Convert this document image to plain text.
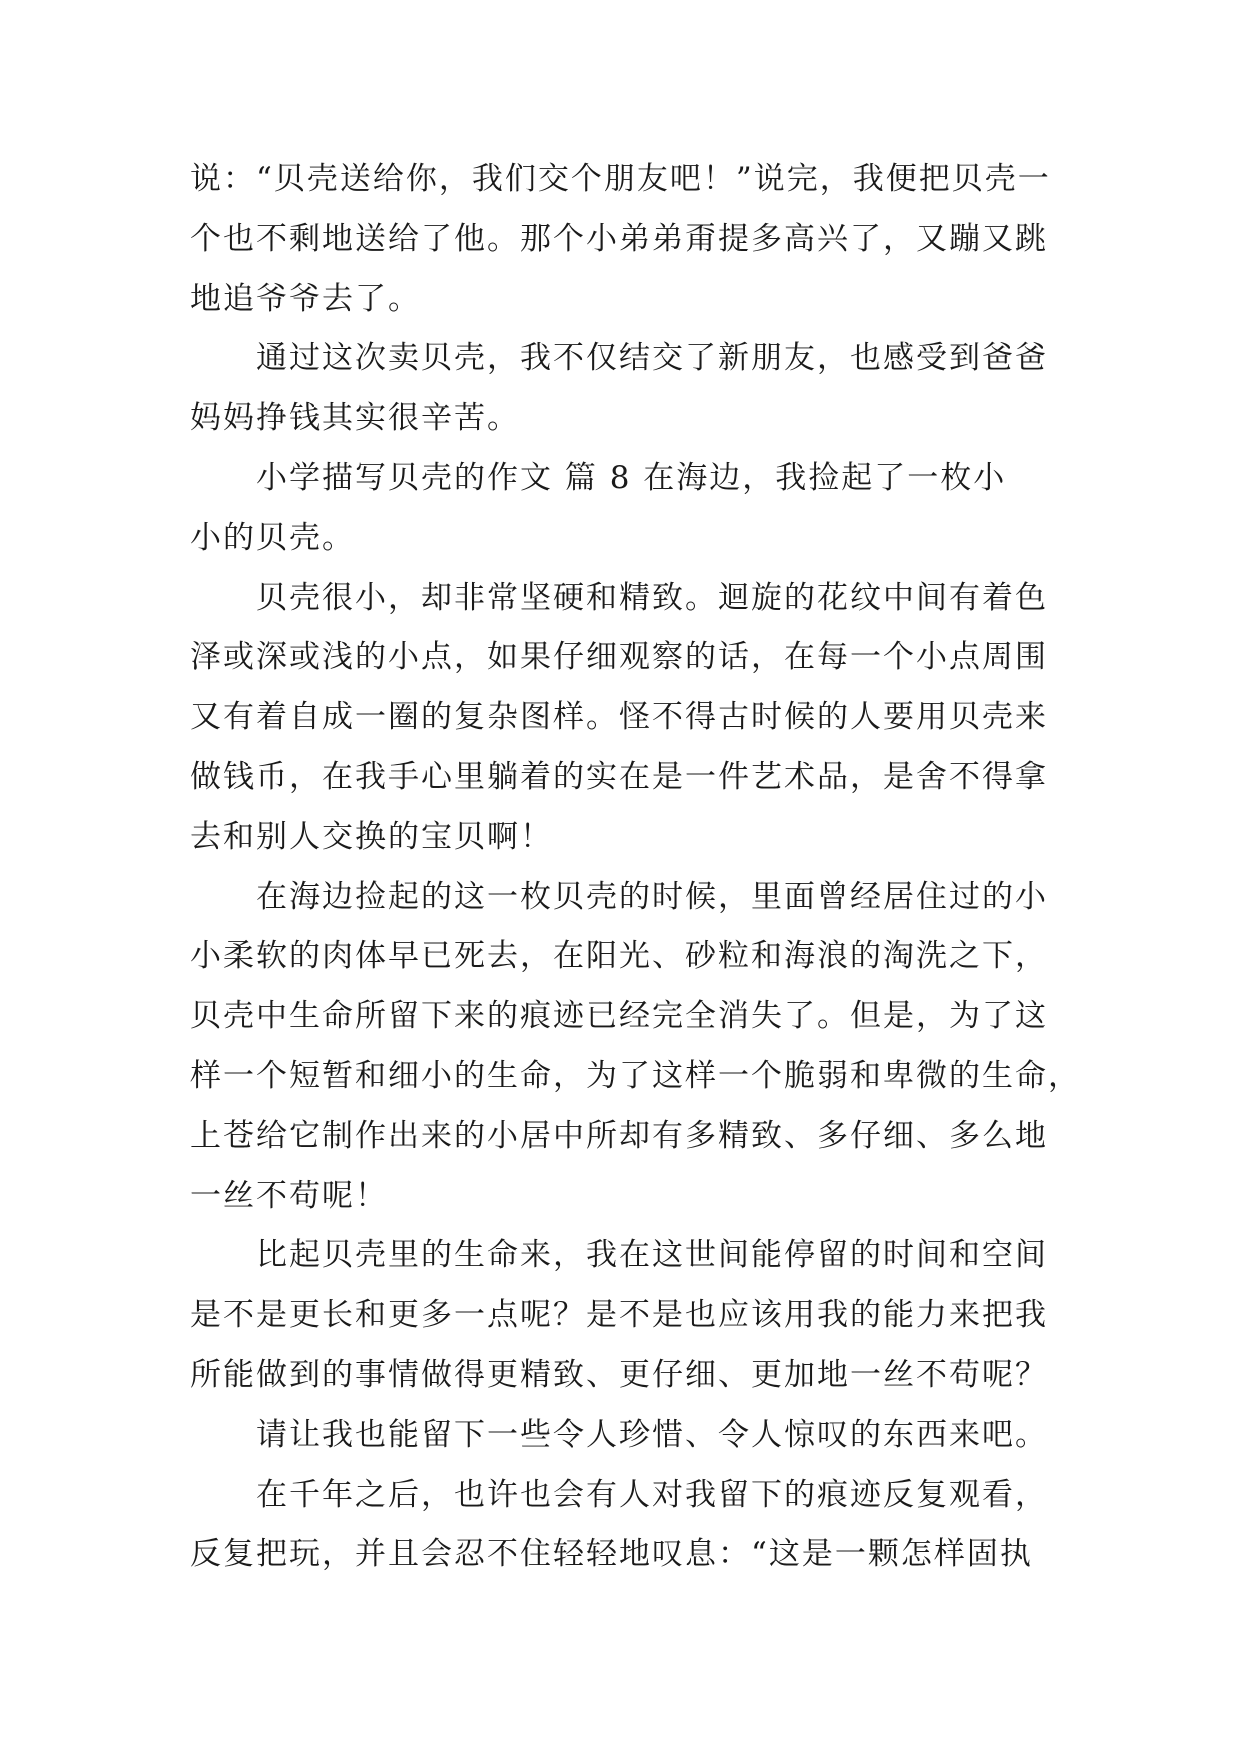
说：“贝壳送给你，我们交个朋友吧！”说完，我便把贝壳一
个也不剩地送给了他。那个小弟弟甭提多高兴了，又蹦又跳
地追爷爷去了。
通过这次卖贝壳，我不仅结交了新朋友，也感受到爸爸
妈妈挣钱其实很辛苦。
小学描写贝壳的作文 篇 8 在海边，我捡起了一枚小
小的贝壳。
贝壳很小，却非常坚硬和精致。迴旋的花纹中间有着色
泽或深或浅的小点，如果仔细观察的话，在每一个小点周围
又有着自成一圈的复杂图样。怪不得古时候的人要用贝壳来
做钱币，在我手心里躺着的实在是一件艺术品，是舍不得拿
去和别人交换的宝贝啊！
在海边捡起的这一枚贝壳的时候，里面曾经居住过的小
小柔软的肉体早已死去，在阳光、砂粒和海浪的淘洗之下，
贝壳中生命所留下来的痕迹已经完全消失了。但是，为了这
样一个短暂和细小的生命，为了这样一个脆弱和卑微的生命，
上苍给它制作出来的小居中所却有多精致、多仔细、多么地
一丝不苟呢！
比起贝壳里的生命来，我在这世间能停留的时间和空间
是不是更长和更多一点呢？是不是也应该用我的能力来把我
所能做到的事情做得更精致、更仔细、更加地一丝不苟呢？
请让我也能留下一些令人珍惜、令人惊叹的东西来吧。
在千年之后，也许也会有人对我留下的痕迹反复观看，
反复把玩，并且会忍不住轻轻地叹息：“这是一颗怎样固执
